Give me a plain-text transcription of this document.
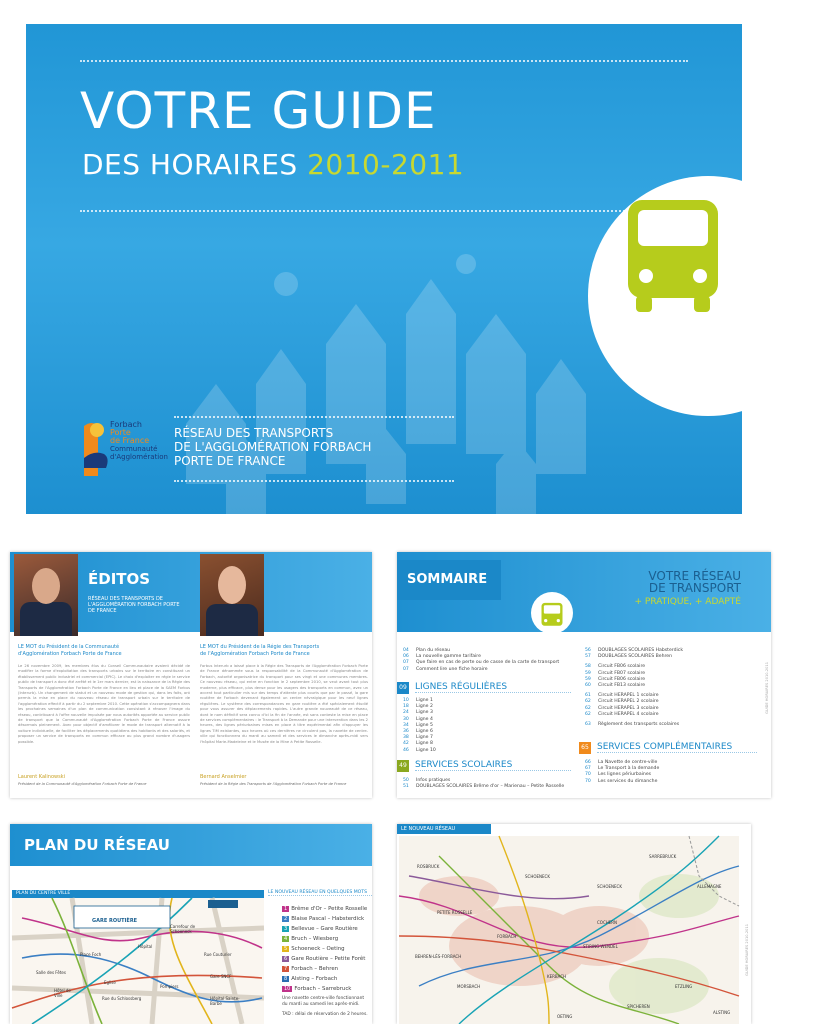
VOTRE GUIDE
DES HORAIRES 2010-2011
Forbach
Porte
de France
Communauté
d'Agglomération
RÉSEAU DES TRANSPORTS
DE L'AGGLOMÉRATION FORBACH
PORTE DE FRANCE
ÉDITOS
RÉSEAU DES TRANSPORTS DE L'AGGLOMÉRATION FORBACH PORTE DE FRANCE
LE MOT du Président de la Communauté
d'Agglomération Forbach Porte de France
LE MOT du Président de la Régie des Transports
de l'Agglomération Forbach Porte de France
Le 26 novembre 2009, les membres élus du Conseil Communautaire avaient décidé de modifier la forme d'exploitation des transports urbains sur le territoire en constituant un établissement public industriel et commercial (EPIC). Le choix d'exploiter en régie le service public de transport a donc été arrêté et le 1er mars dernier, est la naissance de la Régie des Transports de l'Agglomération Forbach Porte de France en lieu et place de la SAEM Forbus (Interurb). Un changement de statut et un nouveau mode de gestion qui, dans les faits, ont permis la mise en place du nouveau réseau de transport urbain sur le territoire de l'agglomération effectif à partir du 2 septembre 2010. Cette opération s'accompagnera dans les prochaines semaines d'un plan de communication consistant à rénover l'image du réseau, contribuant à l'offre nouvelle impulsée par nous autorités apportée au service public de transport que la Communauté d'Agglomération Forbach Porte de France assure désormais pleinement. Avec pour objectif d'améliorer le mode de transport alternatif à la voiture individuelle, de faciliter les déplacements quotidiens des habitants et des salariés, et proposer un service de transports en commun efficace au plus grand nombre d'usagers possible.
Forbus Interurb a laissé place à la Régie des Transports de l'Agglomération Forbach Porte de France dénommée sous la responsabilité de la Communauté d'Agglomération de Forbach, autorité organisatrice du transport pour ses vingt et une communes membres. Ce nouveau réseau, qui entre en fonction le 2 septembre 2010, se veut avant tout plus moderne, plus efficace, plus dense pour les usagers des transports en commun, avec un accent tout particulier mis sur des temps d'attente plus courts que par le passé, la gare routière de Forbach devenant également un centre névralgique pour les neuf lignes régulières. Le système des correspondances en gare routière a été spécialement étudié pour vous assurer des déplacements rapides. L'autre grande nouveauté de ce réseau, dont le nom définitif sera connu d'ici la fin de l'année, est sans conteste la mise en place de services complémentaires : le Transport à la Demande pour une intervention dans les 2 heures, des lignes périurbaines mises en place à titre expérimental afin d'appuyer les lignes TIM existantes, aux heures où ces dernières ne circulent pas, la navette de centre-ville qui fonctionnera du mardi au samedi et des services le dimanche après-midi vers l'hôpital Marie-Madeleine et le Musée de la Mine à Petite Rosselle.
Laurent Kalinowski
Président de la Communauté d'Agglomération Forbach Porte de France
Bernard Anselmier
Président de la Régie des Transports de l'Agglomération Forbach Porte de France
SOMMAIRE	VOTRE RÉSEAU
DE TRANSPORT
+ PRATIQUE, + ADAPTÉ
04 Plan du réseau
06 La nouvelle gamme tarifaire
07 Que faire en cas de perte ou de casse de la carte de transport
07 Comment lire une fiche horaire
09 LIGNES RÉGULIÈRES
10 Ligne 1
18 Ligne 2
24 Ligne 3
30 Ligne 4
34 Ligne 5
36 Ligne 6
38 Ligne 7
42 Ligne 8
46 Ligne 10
49 SERVICES SCOLAIRES
50 Infos pratiques
51 DOUBLAGES SCOLAIRES Brême d'or – Marienau – Petite Rosselle
56 DOUBLAGES SCOLAIRES Habsterdick
57 DOUBLAGES SCOLAIRES Behren
58 Circuit FB06 scolaire
59 Circuit FB07 scolaire
59 Circuit FB06 scolaire
60 Circuit FB13 scolaire
61 Circuit HERAPEL 1 scolaire
62 Circuit HERAPEL 2 scolaire
62 Circuit HERAPEL 3 scolaire
62 Circuit HERAPEL 4 scolaire
63 Règlement des transports scolaires
65 SERVICES COMPLÉMENTAIRES
66 La Navette de centre-ville
67 Le Transport à la demande
70 Les lignes périurbaines
70 Les services du dimanche
GUIDE HORAIRES 2010-2011
PLAN DU RÉSEAU
PLAN DU CENTRE VILLE
GARE ROUTIÈRE
Carrefour de Schoeneck
Hôpital
Rue Couturier
Salle des Fêtes
Hôtel de Ville
Rue du Schlossberg
Pompiers
Eglise
Gare SNCF
Hôpital Sainte-Barbe
Place Foch
LE NOUVEAU RÉSEAU EN QUELQUES MOTS
1 Brême d'Or – Petite Rosselle
2 Blaise Pascal – Habsterdick
3 Bellevue – Gare Routière
4 Bruch – Wiesberg
5 Schoeneck – Oeting
6 Gare Routière – Petite Forêt
7 Forbach – Behren
8 Alsting – Forbach
10 Forbach – Sarrebruck
Une navette centre-ville fonctionnant
du mardi au samedi les après-midi.
TAD : délai de réservation de 2 heures.
LE NOUVEAU RÉSEAU
SARREBRUCK
SCHOENECK
PETITE ROSSELLE
FORBACH
STIRING-WENDEL
SPICHEREN
ALSTING
ETZLING
COCHERN
KERBACH
MORSBACH
OETING
BEHREN-LÈS-FORBACH
ROSBRUCK
SCHOENECK	ALLEMAGNE
GUIDE HORAIRES 2010-2011
